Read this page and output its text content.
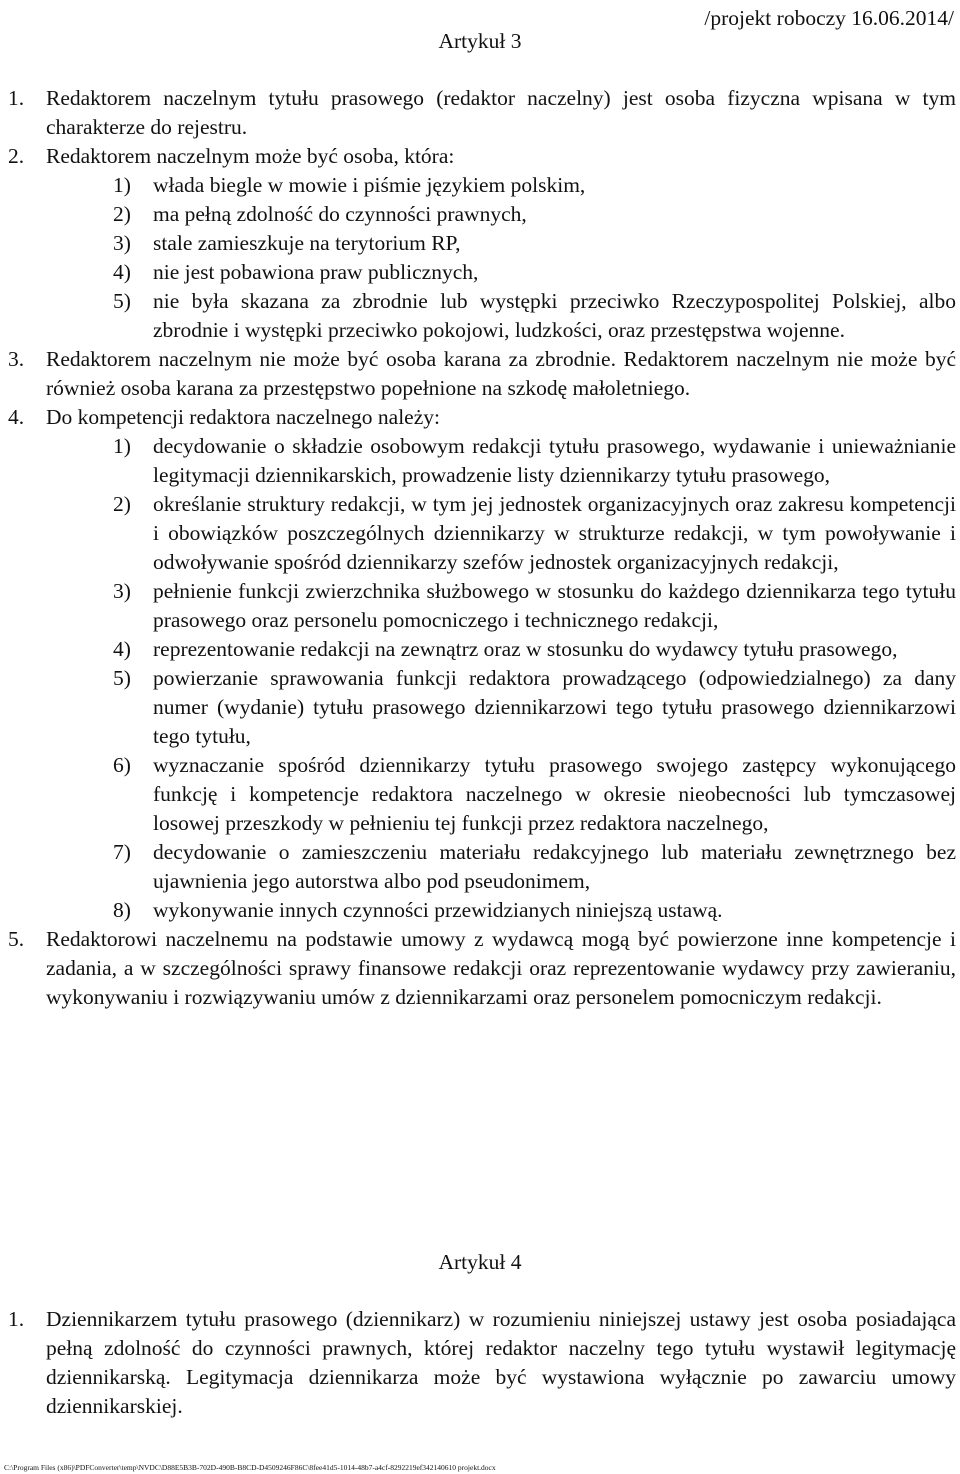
/projekt roboczy 16.06.2014/
Artykuł 3
1. Redaktorem naczelnym tytułu prasowego (redaktor naczelny) jest osoba fizyczna wpisana w tym charakterze do rejestru.
2. Redaktorem naczelnym może być osoba, która:
1) włada biegle w mowie i piśmie językiem polskim,
2) ma pełną zdolność do czynności prawnych,
3) stale zamieszkuje na terytorium RP,
4) nie jest pobawiona praw publicznych,
5) nie była skazana za zbrodnie lub występki przeciwko Rzeczypospolitej Polskiej, albo zbrodnie i występki przeciwko pokojowi, ludzkości, oraz przestępstwa wojenne.
3. Redaktorem naczelnym nie może być osoba karana za zbrodnie. Redaktorem naczelnym nie może być również osoba karana za przestępstwo popełnione na szkodę małoletniego.
4. Do kompetencji redaktora naczelnego należy:
1) decydowanie o składzie osobowym redakcji tytułu prasowego, wydawanie i unieważnianie legitymacji dziennikarskich, prowadzenie listy dziennikarzy tytułu prasowego,
2) określanie struktury redakcji, w tym jej jednostek organizacyjnych oraz zakresu kompetencji i obowiązków poszczególnych dziennikarzy w strukturze redakcji, w tym powoływanie i odwoływanie spośród dziennikarzy szefów jednostek organizacyjnych redakcji,
3) pełnienie funkcji zwierzchnika służbowego w stosunku do każdego dziennikarza tego tytułu prasowego oraz personelu pomocniczego i technicznego redakcji,
4) reprezentowanie redakcji na zewnątrz oraz w stosunku do wydawcy tytułu prasowego,
5) powierzanie sprawowania funkcji redaktora prowadzącego (odpowiedzialnego) za dany numer (wydanie) tytułu prasowego dziennikarzowi tego tytułu prasowego dziennikarzowi tego tytułu,
6) wyznaczanie spośród dziennikarzy tytułu prasowego swojego zastępcy wykonującego funkcję i kompetencje redaktora naczelnego w okresie nieobecności lub tymczasowej losowej przeszkody w pełnieniu tej funkcji przez redaktora naczelnego,
7) decydowanie o zamieszczeniu materiału redakcyjnego lub materiału zewnętrznego bez ujawnienia jego autorstwa albo pod pseudonimem,
8) wykonywanie innych czynności przewidzianych niniejszą ustawą.
5. Redaktorowi naczelnemu na podstawie umowy z wydawcą mogą być powierzone inne kompetencje i zadania, a w szczególności sprawy finansowe redakcji oraz reprezentowanie wydawcy przy zawieraniu, wykonywaniu i rozwiązywaniu umów z dziennikarzami oraz personelem pomocniczym redakcji.
Artykuł 4
1. Dziennikarzem tytułu prasowego (dziennikarz) w rozumieniu niniejszej ustawy jest osoba posiadająca pełną zdolność do czynności prawnych, której redaktor naczelny tego tytułu wystawił legitymację dziennikarską. Legitymacja dziennikarza może być wystawiona wyłącznie po zawarciu umowy dziennikarskiej.
C:\Program Files (x86)\PDFConverter\temp\NVDC\D88E5B3B-702D-490B-B8CD-D4509246F86C\8fee41d5-1014-48b7-a4cf-8292219ef342140610 projekt.docx
